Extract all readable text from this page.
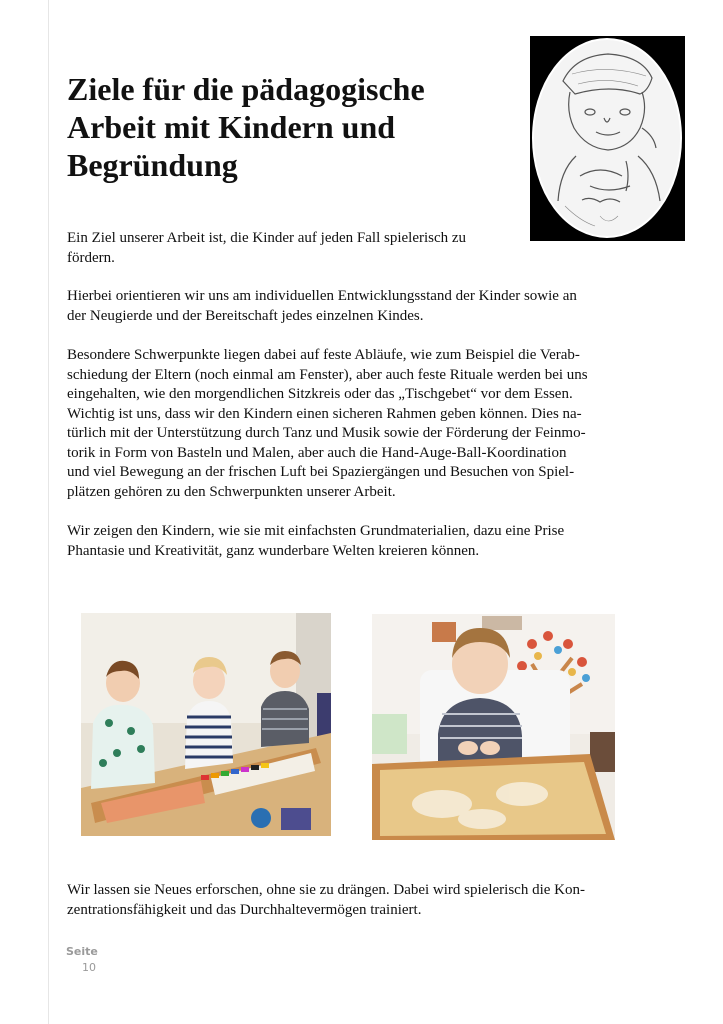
Ziele für die pädagogische
Arbeit mit Kindern und
Begründung

Ein Ziel unserer Arbeit ist, die Kinder auf jeden Fall spielerisch zu
fördern.

Hierbei orientieren wir uns am individuellen Entwicklungsstand der Kinder sowie an
der Neugierde und der Bereitschaft jedes einzelnen Kindes.

Besondere Schwerpunkte liegen dabei auf feste Abläufe, wie zum Beispiel die Verab-
schiedung der Eltern (noch einmal am Fenster), aber auch feste Rituale werden bei uns
eingehalten, wie den morgendlichen Sitzkreis oder das „Tischgebet“ vor dem Essen.
Wichtig ist uns, dass wir den Kindern einen sicheren Rahmen geben können. Dies na-
türlich mit der Unterstützung durch Tanz und Musik sowie der Förderung der Feinmo-
torik in Form von Basteln und Malen, aber auch die Hand-Auge-Ball-Koordination
und viel Bewegung an der frischen Luft bei Spaziergängen und Besuchen von Spiel-
plätzen gehören zu den Schwerpunkten unserer Arbeit.

Wir zeigen den Kindern, wie sie mit einfachsten Grundmaterialien, dazu eine Prise
Phantasie und Kreativität, ganz wunderbare Welten kreieren können.

Wir lassen sie Neues erforschen, ohne sie zu drängen. Dabei wird spielerisch die Kon-
zentrationsfähigkeit und das Durchhaltevermögen trainiert.

Seite
10
